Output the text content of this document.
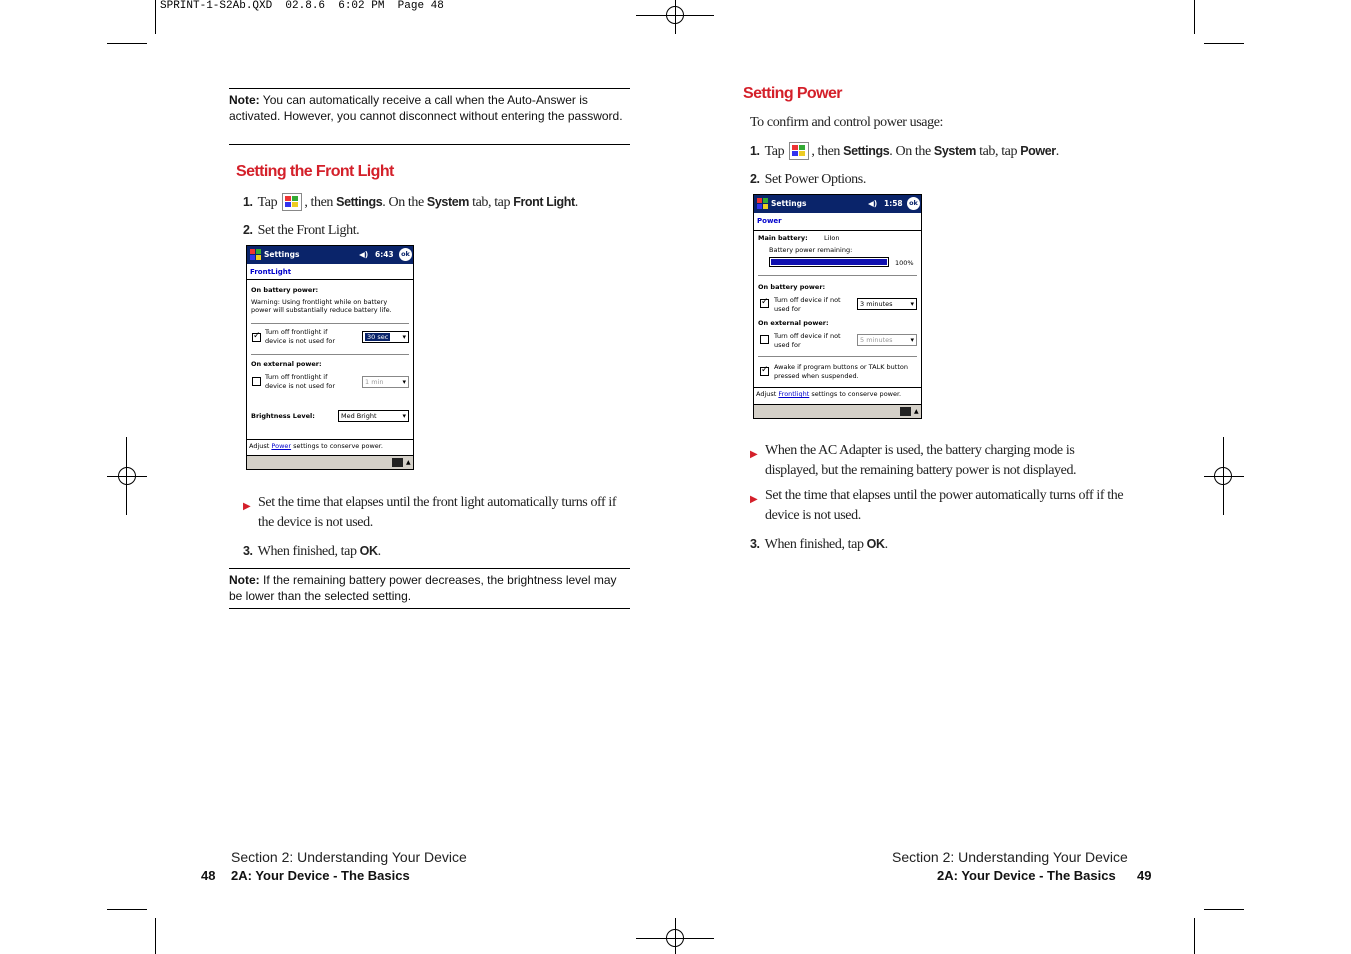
SPRINT-1-S2Ab.QXD  02.8.6  6:02 PM  Page 48
Note: You can automatically receive a call when the Auto-Answer is activated. However, you cannot disconnect without entering the password.
Setting the Front Light
1. Tap , then Settings. On the System tab, tap Front Light.
2. Set the Front Light.
Settings	◀) 6:43	ok
FrontLight
On battery power:
Warning: Using frontlight while on battery
power will substantially reduce battery life.
✓
Turn off frontlight if
device is not used for	30 sec ▾
On external power:
Turn off frontlight if
device is not used for	1 min ▾
Brightness Level:	Med Bright ▾
Adjust Power settings to conserve power.
▲
▶ Set the time that elapses until the front light automatically turns off if the device is not used.
3. When finished, tap OK.
Note: If the remaining battery power decreases, the brightness level may be lower than the selected setting.
Section 2: Understanding Your Device
48 2A: Your Device - The Basics
Setting Power
To confirm and control power usage:
1. Tap , then Settings. On the System tab, tap Power.
2. Set Power Options.
Settings	◀) 1:58 ok
Power
Main battery:	LiIon
Battery power remaining:
100%
On battery power:
✓
Turn off device if not
used for
3 minutes ▾
On external power:
Turn off device if not
used for
5 minutes ▾
✓
Awake if program buttons or TALK button
pressed when suspended.
Adjust Frontlight settings to conserve power.
▲
▶ When the AC Adapter is used, the battery charging mode is displayed, but the remaining battery power is not displayed.
▶ Set the time that elapses until the power automatically turns off if the device is not used.
3. When finished, tap OK.
Section 2: Understanding Your Device
2A: Your Device - The Basics 49
